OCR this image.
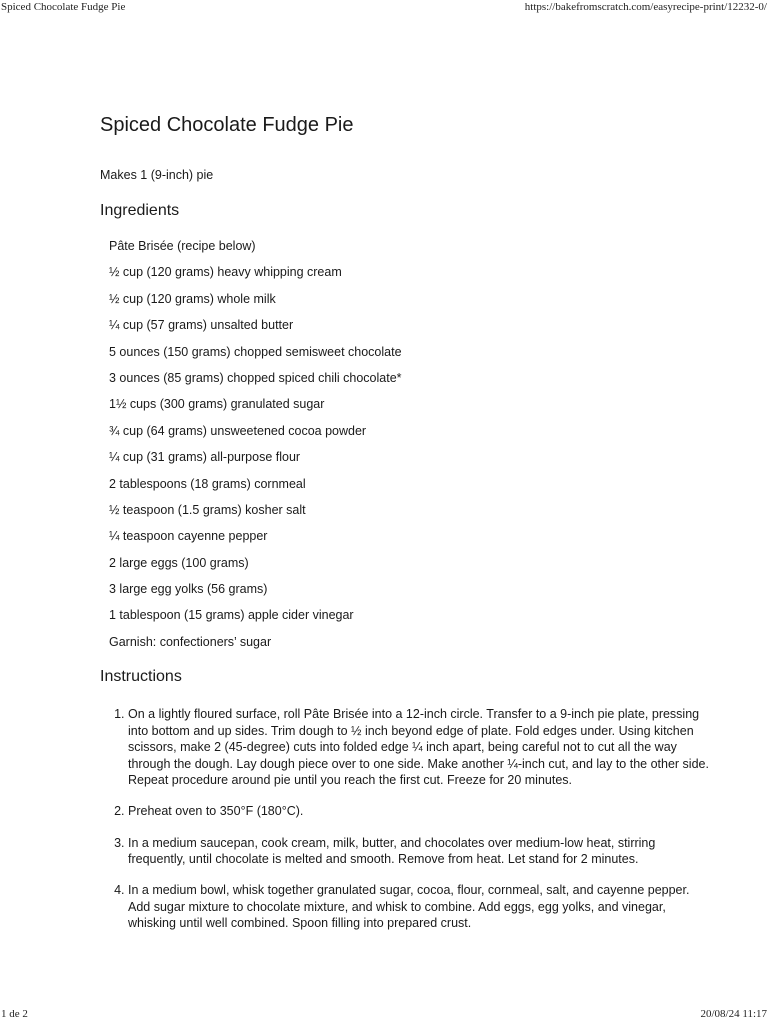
Spiced Chocolate Fudge Pie	https://bakefromscratch.com/easyrecipe-print/12232-0/
Spiced Chocolate Fudge Pie

Makes 1 (9-inch) pie

Ingredients
Pâte Brisée (recipe below)
½ cup (120 grams) heavy whipping cream
½ cup (120 grams) whole milk
¼ cup (57 grams) unsalted butter
5 ounces (150 grams) chopped semisweet chocolate
3 ounces (85 grams) chopped spiced chili chocolate*
1½ cups (300 grams) granulated sugar
¾ cup (64 grams) unsweetened cocoa powder
¼ cup (31 grams) all-purpose flour
2 tablespoons (18 grams) cornmeal
½ teaspoon (1.5 grams) kosher salt
¼ teaspoon cayenne pepper
2 large eggs (100 grams)
3 large egg yolks (56 grams)
1 tablespoon (15 grams) apple cider vinegar
Garnish: confectioners’ sugar
Instructions
1. On a lightly floured surface, roll Pâte Brisée into a 12-inch circle. Transfer to a 9-inch pie plate, pressing into bottom and up sides. Trim dough to ½ inch beyond edge of plate. Fold edges under. Using kitchen scissors, make 2 (45-degree) cuts into folded edge ¼ inch apart, being careful not to cut all the way through the dough. Lay dough piece over to one side. Make another ¼-inch cut, and lay to the other side. Repeat procedure around pie until you reach the first cut. Freeze for 20 minutes.
2. Preheat oven to 350°F (180°C).
3. In a medium saucepan, cook cream, milk, butter, and chocolates over medium-low heat, stirring frequently, until chocolate is melted and smooth. Remove from heat. Let stand for 2 minutes.
4. In a medium bowl, whisk together granulated sugar, cocoa, flour, cornmeal, salt, and cayenne pepper. Add sugar mixture to chocolate mixture, and whisk to combine. Add eggs, egg yolks, and vinegar, whisking until well combined. Spoon filling into prepared crust.
1 de 2	20/08/24 11:17
